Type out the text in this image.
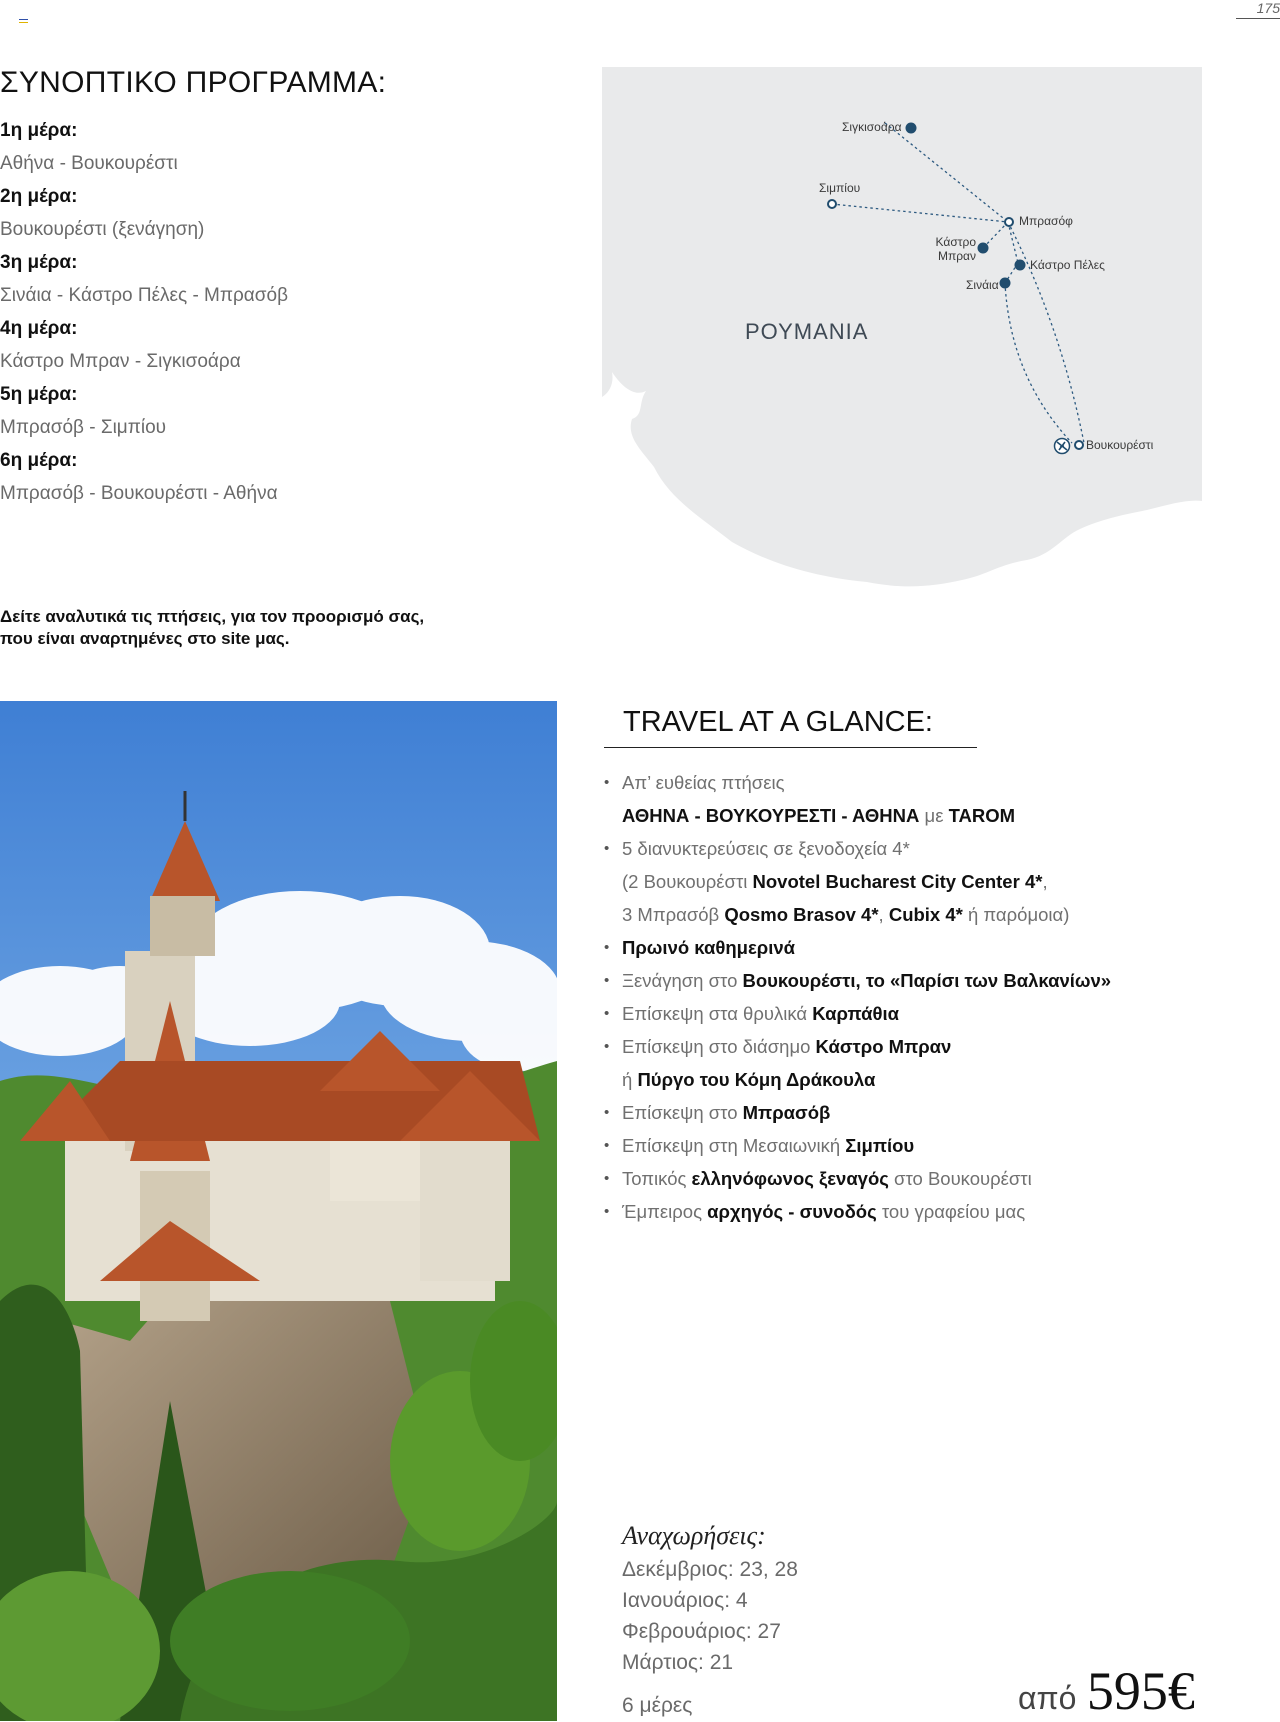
175
ΣΥΝΟΠΤΙΚΟ ΠΡΟΓΡΑΜΜΑ:
1η μέρα:
Αθήνα - Βουκουρέστι
2η μέρα:
Βουκουρέστι (ξενάγηση)
3η μέρα:
Σινάια - Κάστρο Πέλες - Μπρασόβ
4η μέρα:
Κάστρο Μπραν - Σιγκισοάρα
5η μέρα:
Μπρασόβ - Σιμπίου
6η μέρα:
Μπρασόβ - Βουκουρέστι - Αθήνα
Δείτε αναλυτικά τις πτήσεις, για τον προορισμό σας,
που είναι αναρτημένες στο site μας.
Σιγκισοάρα
Σιμπίου
Μπρασόφ
Κάστρο
Μπραν
Κάστρο Πέλες
Σινάια
Βουκουρέστι
ΡΟΥΜΑΝΙΑ
TRAVEL AT A GLANCE:
• Απ’ ευθείας πτήσεις
ΑΘΗΝΑ - ΒΟΥΚΟΥΡΕΣΤΙ - ΑΘΗΝΑ με TAROM
• 5 διανυκτερεύσεις σε ξενοδοχεία 4*
(2 Βουκουρέστι Novotel Bucharest City Center 4*,
3 Μπρασόβ Qosmo Brasov 4*, Cubix 4* ή παρόμοια)
• Πρωινό καθημερινά
• Ξενάγηση στο Βουκουρέστι, το «Παρίσι των Βαλκανίων»
• Επίσκεψη στα θρυλικά Καρπάθια
• Επίσκεψη στο διάσημο Κάστρο Μπραν
ή Πύργο του Κόμη Δράκουλα
• Επίσκεψη στο Μπρασόβ
• Επίσκεψη στη Μεσαιωνική Σιμπίου
• Τοπικός ελληνόφωνος ξεναγός στο Βουκουρέστι
• Έμπειρος αρχηγός - συνοδός του γραφείου μας
Αναχωρήσεις:
Δεκέμβριος: 23, 28
Ιανουάριος: 4
Φεβρουάριος: 27
Μάρτιος: 21
6 μέρες	από 595€
